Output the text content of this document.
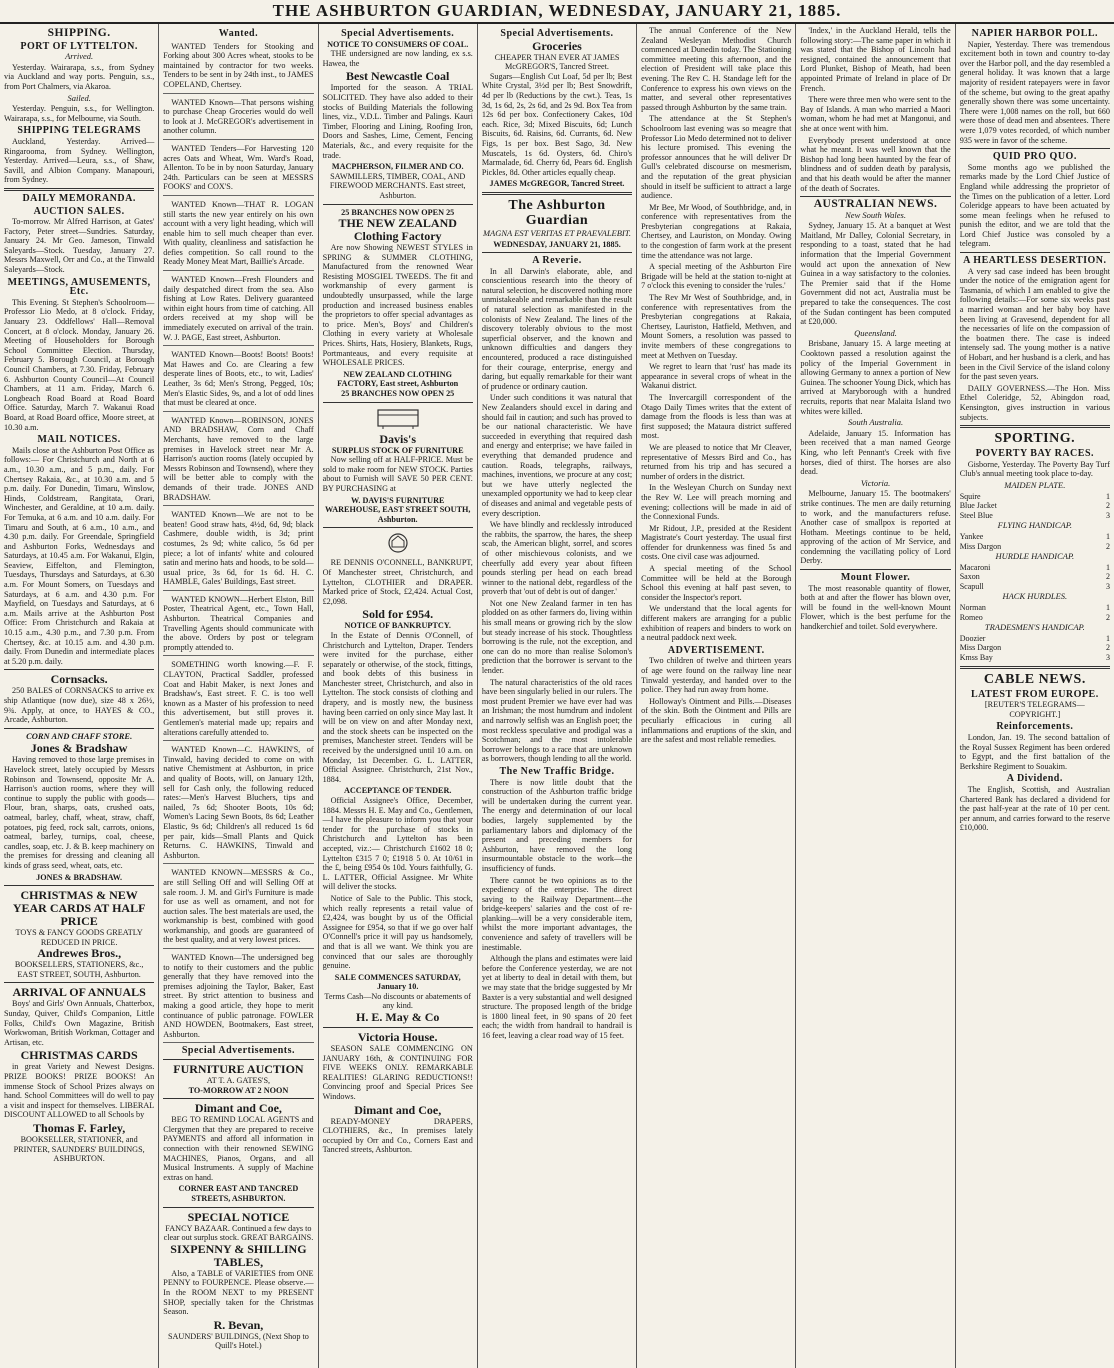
THE ASHBURTON GUARDIAN, WEDNESDAY, JANUARY 21, 1885.
SHIPPING.
PORT OF LYTTELTON.
Arrived.
Yesterday. Wairarapa, s.s., from Sydney via Auckland and way ports. Penguin, s.s., from Port Chalmers, via Akaroa.
Sailed.
Yesterday. Penguin, s.s., for Wellington. Wairarapa, s.s., for Melbourne, via South.
SHIPPING TELEGRAMS
Auckland, Yesterday. Arrived—Ringarooma, from Sydney. Wellington, Yesterday. Arrived—Leura, s.s., of Shaw, Savill, and Albion Company. Manapouri, from Sydney.
DAILY MEMORANDA.
AUCTION SALES.
To-morrow. Mr Alfred Harrison, at Gates' Factory, Peter street—Sundries. Saturday, January 24. Mr Geo. Jameson, Tinwald Saleyards—Stock. Tuesday, January 27. Messrs Maxwell, Orr and Co., at the Tinwald Saleyards—Stock.
MEETINGS, AMUSEMENTS, Etc.
This Evening. St Stephen's Schoolroom—Professor Lio Medo, at 8 o'clock. Friday, January 23. Oddfellows' Hall—Removal Concert, at 8 o'clock. Monday, January 26. Meeting of Householders for Borough School Committee Election. Thursday, February 5. Borough Council, at Borough Council Chambers, at 7.30. Friday, February 6. Ashburton County Council—At Council Chambers, at 11 a.m. Friday, March 6. Longbeach Road Board at Road Board Office. Saturday, March 7. Wakanui Road Board, at Road Board office, Moore street, at 10.30 a.m.
MAIL NOTICES.
Mails close at the Ashburton Post Office as follows:— For Christchurch and North at 6 a.m., 10.30 a.m., and 5 p.m., daily. For Chertsey Rakaia, &c., at 10.30 a.m. and 5 p.m. daily. For Dunedin, Timaru, Winslow, Hinds, Coldstream, Rangitata, Orari, Winchester, and Geraldine, at 10 a.m. daily. For Temuka, at 6 a.m. and 10 a.m. daily. For Timaru and South, at 6 a.m., 10 a.m., and 4.30 p.m. daily. For Greendale, Springfield and Ashburton Forks, Wednesdays and Saturdays, at 10.45 a.m. For Wakanui, Elgin, Seaview, Eiffelton, and Flemington, Tuesdays, Thursdays and Saturdays, at 6.30 a.m. For Mount Somers, on Tuesdays and Saturdays, at 6 a.m. and 4.30 p.m. For Mayfield, on Tuesdays and Saturdays, at 6 a.m. Mails arrive at the Ashburton Post Office: From Christchurch and Rakaia at 10.15 a.m., 4.30 p.m., and 7.30 p.m. From Chertsey, &c. at 10.15 a.m. and 4.30 p.m. daily. From Dunedin and intermediate places at 5.20 p.m. daily.
Cornsacks.
250 BALES of CORNSACKS to arrive ex ship Atlantique (now due), size 48 x 26½, 9¾. Apply, at once, to HAYES & CO., Arcade, Ashburton.
CORN AND CHAFF STORE.
Jones & Bradshaw
Having removed to those large premises in Havelock street, lately occupied by Messrs Robinson and Townsend, opposite Mr A. Harrison's auction rooms, where they will continue to supply the public with goods—Flour, bran, sharps, oats, crushed oats, oatmeal, barley, chaff, wheat, straw, chaff, potatoes, pig feed, rock salt, carrots, onions, oatmeal, barley, turnips, coal, cheese, candles, soap, etc. J. & B. keep machinery on the premises for dressing and cleaning all kinds of grass seed, wheat, oats, etc.
JONES & BRADSHAW.
CHRISTMAS & NEW YEAR CARDS AT HALF PRICE
TOYS & FANCY GOODS GREATLY REDUCED IN PRICE.
Andrewes Bros.,
BOOKSELLERS, STATIONERS, &c., EAST STREET, SOUTH, Ashburton.
ARRIVAL OF ANNUALS
Boys' and Girls' Own Annuals, Chatterbox, Sunday, Quiver, Child's Companion, Little Folks, Child's Own Magazine, British Workwoman, British Workman, Cottager and Artisan, etc.
CHRISTMAS CARDS
in great Variety and Newest Designs. PRIZE BOOKS! PRIZE BOOKS! An immense Stock of School Prizes always on hand. School Committees will do well to pay a visit and inspect for themselves. LIBERAL DISCOUNT ALLOWED to all Schools by
Thomas F. Farley,
BOOKSELLER, STATIONER, and PRINTER, SAUNDERS' BUILDINGS, ASHBURTON.
Wanted.
WANTED Tenders for Stooking and Forking about 300 Acres wheat, stooks to be maintained by contractor for two weeks. Tenders to be sent in by 24th inst., to JAMES COPELAND, Chertsey.
WANTED Known—That persons wishing to purchase Cheap Groceries would do well to look at J. McGREGOR's advertisement in another column.
WANTED Tenders—For Harvesting 120 acres Oats and Wheat, Wm. Ward's Road, Allenton. To be in by noon Saturday, January 24th. Particulars can be seen at MESSRS FOOKS' and COX'S.
WANTED Known—THAT R. LOGAN still starts the new year entirely on his own account with a very light heading, which will enable him to sell much cheaper than ever. With quality, cleanliness and satisfaction he defies competition. So call round to the Ready Money Meat Mart, Baillie's Arcade.
WANTED Known—Fresh Flounders and daily despatched direct from the sea. Also fishing at Low Rates. Delivery guaranteed within eight hours from time of catching. All orders received at my shop will be immediately executed on arrival of the train. W. J. PAGE, East street, Ashburton.
WANTED Known—Boots! Boots! Boots! Mat Hawes and Co. are Clearing a few desperate lines of Boots, etc., to wit, Ladies' Leather, 3s 6d; Men's Strong, Pegged, 10s; Men's Elastic Sides, 9s, and a lot of odd lines that must be cleared at once.
WANTED Known—ROBINSON, JONES AND BRADSHAW, Corn and Chaff Merchants, have removed to the large premises in Havelock street near Mr A. Harrison's auction rooms (lately occupied by Messrs Robinson and Townsend), where they will be better able to comply with the demands of their trade. JONES AND BRADSHAW.
WANTED Known—We are not to be beaten! Good straw hats, 4½d, 6d, 9d; black Cashmere, double width, is 3d; print costumes, 2s 9d; white calico, 5s 6d per piece; a lot of infants' white and coloured satin and merino hats and hoods, to be sold—usual price, 3s 6d, for 1s 6d. H. C. HAMBLE, Gales' Buildings, East street.
WANTED KNOWN—Herbert Elston, Bill Poster, Theatrical Agent, etc., Town Hall, Ashburton. Theatrical Companies and Travelling Agents should communicate with the above. Orders by post or telegram promptly attended to.
SOMETHING worth knowing.—F. F. CLAYTON, Practical Saddler, professed Coat and Habit Maker, is next Jones and Bradshaw's, East street. F. C. is too well known as a Master of his profession to need this advertisement, but still proves it. Gentlemen's material made up; repairs and alterations carefully attended to.
WANTED Known—C. HAWKIN'S, of Tinwald, having decided to come on with native Chemistment at Ashburton, in price and quality of Boots, will, on January 12th, sell for Cash only, the following reduced rates:—Men's Harvest Bluchers, tips and nailed, 7s 6d; Shooter Boots, 10s 6d; Women's Lacing Sewn Boots, 8s 6d; Leather Elastic, 9s 6d; Children's all reduced 1s 6d per pair, kids—Small Plants and Quick Returns. C. HAWKINS, Tinwald and Ashburton.
WANTED KNOWN—MESSRS & Co., are still Selling Off and will Selling Off at sale room. J. M. and Girl's Furniture is made for use as well as ornament, and not for auction sales. The best materials are used, the workmanship is best, combined with good workmanship, and goods are guaranteed of the best quality, and at very lowest prices.
WANTED Known—The undersigned beg to notify to their customers and the public generally that they have removed into the premises adjoining the Taylor, Baker, East street. By strict attention to business and making a good article, they hope to merit continuance of public patronage. FOWLER AND HOWDEN, Bootmakers, East street, Ashburton.
Special Advertisements.
FURNITURE AUCTION
AT T. A. GATES'S,
TO-MORROW AT 2 NOON
Dimant and Coe,
BEG TO REMIND LOCAL AGENTS and Clergymen that they are prepared to receive PAYMENTS and afford all information in connection with their renowned SEWING MACHINES, Pianos, Organs, and all Musical Instruments. A supply of Machine extras on hand.
CORNER EAST AND TANCRED STREETS, ASHBURTON.
SPECIAL NOTICE
FANCY BAZAAR. Continued a few days to clear out surplus stock. GREAT BARGAINS.
SIXPENNY & SHILLING TABLES,
Also, a TABLE of VARIETIES from ONE PENNY to FOURPENCE. Please observe.—In the ROOM NEXT to my PRESENT SHOP, specially taken for the Christmas Season.
R. Bevan,
SAUNDERS' BUILDINGS, (Next Shop to Quill's Hotel.)
Special Advertisements.
NOTICE TO CONSUMERS OF COAL.
THE undersigned are now landing, ex s.s. Hawea, the
Best Newcastle Coal
Imported for the season. A TRIAL SOLICITED. They have also added to their stocks of Building Materials the following lines, viz., V.D.L. Timber and Palings. Kauri Timber, Flooring and Lining, Roofing Iron, Doors and Sashes, Lime, Cement, Fencing Materials, &c., and every requisite for the trade.
MACPHERSON, FILMER AND CO.
SAWMILLERS, TIMBER, COAL, AND FIREWOOD MERCHANTS. East street, Ashburton.
25 BRANCHES NOW OPEN 25
THE NEW ZEALAND Clothing Factory
Are now Showing NEWEST STYLES in SPRING & SUMMER CLOTHING, Manufactured from the renowned Wear Resisting MOSGIEL TWEEDS. The fit and workmanship of every garment is undoubtedly unsurpassed, while the large production and increased business enables the proprietors to offer special advantages as to price. Men's, Boys' and Children's Clothing in every variety at Wholesale Prices. Shirts, Hats, Hosiery, Blankets, Rugs, Portmanteaus, and every requisite at WHOLESALE PRICES.
NEW ZEALAND CLOTHING FACTORY, East street, Ashburton
25 BRANCHES NOW OPEN 25
Davis's
SURPLUS STOCK OF FURNITURE
Now selling off at HALF-PRICE. Must be sold to make room for NEW STOCK. Parties about to Furnish will SAVE 50 PER CENT. BY PURCHASING at
W. DAVIS'S FURNITURE WAREHOUSE, EAST STREET SOUTH, Ashburton.
RE DENNIS O'CONNELL, BANKRUPT, Of Manchester street, Christchurch, and Lyttelton, CLOTHIER and DRAPER. Marked price of Stock, £2,424. Actual Cost, £2,098.
Sold for £954.
NOTICE OF BANKRUPTCY.
In the Estate of Dennis O'Connell, of Christchurch and Lyttelton, Draper. Tenders were invited for the purchase, either separately or otherwise, of the stock, fittings, and book debts of this business in Manchester street, Christchurch, and also in Lyttelton. The stock consists of clothing and drapery, and is mostly new, the business having been carried on only since May last. It will be on view on and after Monday next, and the stock sheets can be inspected on the premises, Manchester street. Tenders will be received by the undersigned until 10 a.m. on Monday, 1st December. G. L. LATTER, Official Assignee. Christchurch, 21st Nov., 1884.
ACCEPTANCE OF TENDER.
Official Assignee's Office, December, 1884. Messrs H. E. May and Co., Gentlemen,—I have the pleasure to inform you that your tender for the purchase of stocks in Christchurch and Lyttelton has been accepted, viz.:— Christchurch £1602 18 0; Lyttelton £315 7 0; £1918 5 0. At 10/61 in the £, being £954 0s 10d. Yours faithfully, G. L. LATTER, Official Assignee. Mr White will deliver the stocks.
Notice of Sale to the Public. This stock, which really represents a retail value of £2,424, was bought by us of the Official Assignee for £954, so that if we go over half O'Connell's price it will pay us handsomely, and that is all we want. We think you are convinced that our sales are thoroughly genuine.
SALE COMMENCES SATURDAY, January 10.
Terms Cash—No discounts or abatements of any kind.
H. E. May & Co
Victoria House.
SEASON SALE COMMENCING ON JANUARY 16th, & CONTINUING FOR FIVE WEEKS ONLY. REMARKABLE REALITIES! GLARING REDUCTIONS!! Convincing proof and Special Prices See Windows.
Dimant and Coe,
READY-MONEY DRAPERS, CLOTHIERS, &c., In premises lately occupied by Orr and Co., Corners East and Tancred streets, Ashburton.
Special Advertisements.
Groceries
CHEAPER THAN EVER AT JAMES McGREGOR'S, Tancred Street.
Sugars—English Cut Loaf, 5d per lb; Best White Crystal, 3½d per lb; Best Snowdrift, 4d per lb (Reductions by the cwt.). Teas, 1s 3d, 1s 6d, 2s, 2s 6d, and 2s 9d. Box Tea from 12s 6d per box. Confectionery Cakes, 10d each. Rice, 3d; Mixed Biscuits, 6d; Lunch Biscuits, 6d. Raisins, 6d. Currants, 6d. New Figs, 1s per box. Best Sago, 3d. New Muscatels, 1s 6d. Oysters, 6d. Chiro's Marmalade, 6d. Cherry 6d, Pears 6d. English Pickles, 8d. Other articles equally cheap.
JAMES McGREGOR, Tancred Street.
The Ashburton Guardian
MAGNA EST VERITAS ET PRAEVALEBIT.
WEDNESDAY, JANUARY 21, 1885.
A Reverie.
In all Darwin's elaborate, able, and conscientious research into the theory of natural selection, he discovered nothing more unmistakeable and remarkable than the result of natural selection as manifested in the colonists of New Zealand. The lines of the discovery tolerably obvious to the most superficial observer, and the known and unknown difficulties and dangers they encountered, produced a race distinguished for their courage, enterprise, energy and daring, but equally remarkable for their want of prudence or ordinary caution.
Under such conditions it was natural that New Zealanders should excel in daring and should fail in caution; and such has proved to be our national characteristic. We have succeeded in everything that required dash and energy and enterprise; we have failed in everything that demanded prudence and caution. Roads, telegraphs, railways, machines, inventions, we procure at any cost; but we have utterly neglected the unexampled opportunity we had to keep clear of diseases and animal and vegetable pests of every description.
We have blindly and recklessly introduced the rabbits, the sparrow, the hares, the sheep scab, the American blight, sorrel, and scores of other mischievous colonists, and we cheerfully add every year about fifteen pounds sterling per head on each bread winner to the national debt, regardless of the proverb that 'out of debt is out of danger.'
Not one New Zealand farmer in ten has plodded on as other farmers do, living within his small means or growing rich by the slow but steady increase of his stock. Thoughtless borrowing is the rule, not the exception, and one can do no more than realise Solomon's prediction that the borrower is servant to the lender.
The natural characteristics of the old races have been singularly belied in our rulers. The most prudent Premier we have ever had was an Irishman; the most humdrum and indolent and narrowly selfish was an English poet; the most reckless speculative and prodigal was a Scotchman; and the most intolerable borrower belongs to a race that are unknown as borrowers, though lending to all the world.
The New Traffic Bridge.
There is now little doubt that the construction of the Ashburton traffic bridge will be undertaken during the current year. The energy and determination of our local bodies, largely supplemented by the parliamentary labors and diplomacy of the present and preceding members for Ashburton, have removed the long insurmountable obstacle to the work—the insufficiency of funds.
There cannot be two opinions as to the expediency of the enterprise. The direct saving to the Railway Department—the bridge-keepers' salaries and the cost of re-planking—will be a very considerable item, whilst the more important advantages, the convenience and safety of travellers will be inestimable.
Although the plans and estimates were laid before the Conference yesterday, we are not yet at liberty to deal in detail with them, but we may state that the bridge suggested by Mr Baxter is a very substantial and well designed structure. The proposed length of the bridge is 1800 lineal feet, in 90 spans of 20 feet each; the width from handrail to handrail is 16 feet, leaving a clear road way of 15 feet.
The annual Conference of the New Zealand Wesleyan Methodist Church commenced at Dunedin today. The Stationing committee meeting this afternoon, and the election of President will take place this evening. The Rev C. H. Standage left for the Conference to express his own views on the matter, and several other representatives passed through Ashburton by the same train.
The attendance at the St Stephen's Schoolroom last evening was so meagre that Professor Lio Medo determined not to deliver his lecture promised. This evening the professor announces that he will deliver Dr Gull's celebrated discourse on mesmerism, and the reputation of the great physician should in itself be sufficient to attract a large audience.
Mr Bee, Mr Wood, of Southbridge, and, in conference with representatives from the Presbyterian congregations at Rakaia, Chertsey, and Lauriston, on Monday. Owing to the congestion of farm work at the present time the attendance was not large.
A special meeting of the Ashburton Fire Brigade will be held at the station to-night at 7 o'clock this evening to consider the 'rules.'
The Rev Mr West of Southbridge, and, in conference with representatives from the Presbyterian congregations at Rakaia, Chertsey, Lauriston, Hatfield, Methven, and Mount Somers, a resolution was passed to invite members of these congregations to meet at Methven on Tuesday.
We regret to learn that 'rust' has made its appearance in several crops of wheat in the Wakanui district.
The Invercargill correspondent of the Otago Daily Times writes that the extent of damage from the floods is less than was at first supposed; the Mataura district suffered most.
We are pleased to notice that Mr Cleaver, representative of Messrs Bird and Co., has returned from his trip and has secured a number of orders in the district.
In the Wesleyan Church on Sunday next the Rev W. Lee will preach morning and evening; collections will be made in aid of the Connexional Funds.
Mr Ridout, J.P., presided at the Resident Magistrate's Court yesterday. The usual first offender for drunkenness was fined 5s and costs. One civil case was adjourned.
A special meeting of the School Committee will be held at the Borough School this evening at half past seven, to consider the Inspector's report.
We understand that the local agents for different makers are arranging for a public exhibition of reapers and binders to work on a neutral paddock next week.
ADVERTISEMENT.
Two children of twelve and thirteen years of age were found on the railway line near Tinwald yesterday, and handed over to the police. They had run away from home.
Holloway's Ointment and Pills.—Diseases of the skin. Both the Ointment and Pills are peculiarly efficacious in curing all inflammations and eruptions of the skin, and are the safest and most reliable remedies.
'Index,' in the Auckland Herald, tells the following story:—The same paper in which it was stated that the Bishop of Lincoln had resigned, contained the announcement that Lord Plunket, Bishop of Meath, had been appointed Primate of Ireland in place of Dr French.
There were three men who were sent to the Bay of Islands. A man who married a Maori woman, whom he had met at Mangonui, and she at once went with him.
Everybody present understood at once what he meant. It was well known that the Bishop had long been haunted by the fear of blindness and of sudden death by paralysis, and that his death would be after the manner of the death of Socrates.
AUSTRALIAN NEWS.
New South Wales.
Sydney, January 15. At a banquet at West Maitland, Mr Dalley, Colonial Secretary, in responding to a toast, stated that he had information that the Imperial Government would act upon the annexation of New Guinea in a way satisfactory to the colonies. The Premier said that if the Home Government did not act, Australia must be prepared to take the consequences. The cost of the Sudan contingent has been computed at £20,000.
Queensland.
Brisbane, January 15. A large meeting at Cooktown passed a resolution against the policy of the Imperial Government in allowing Germany to annex a portion of New Guinea. The schooner Young Dick, which has arrived at Maryborough with a hundred recruits, reports that near Malaita Island two whites were killed.
South Australia.
Adelaide, January 15. Information has been received that a man named George King, who left Pennant's Creek with five horses, died of thirst. The horses are also dead.
Victoria.
Melbourne, January 15. The bootmakers' strike continues. The men are daily returning to work, and the manufacturers refuse. Another case of smallpox is reported at Hotham. Meetings continue to be held, approving of the action of Mr Service, and condemning the vacillating policy of Lord Derby.
Mount Flower.
The most reasonable quantity of flower, both at and after the flower has blown over, will be found in the well-known Mount Flower, which is the best perfume for the handkerchief and toilet. Sold everywhere.
NAPIER HARBOR POLL.
Napier, Yesterday. There was tremendous excitement both in town and country to-day over the Harbor poll, and the day resembled a general holiday. It was known that a large majority of resident ratepayers were in favor of the scheme, but owing to the great apathy generally shown there was some uncertainty. There were 1,008 names on the roll, but 660 were those of dead men and absentees. There were 1,079 votes recorded, of which number 935 were in favor of the scheme.
QUID PRO QUO.
Some months ago we published the remarks made by the Lord Chief Justice of England while addressing the proprietor of the Times on the publication of a letter. Lord Coleridge appears to have been actuated by some mean feelings when he refused to punish the editor, and we are told that the Lord Chief Justice was consoled by a telegram.
A HEARTLESS DESERTION.
A very sad case indeed has been brought under the notice of the emigration agent for Tasmania, of which I am enabled to give the following details:—For some six weeks past a married woman and her baby boy have been living at Gravesend, dependent for all the necessaries of life on the compassion of the boatmen there. The case is indeed intensely sad. The young mother is a native of Hobart, and her husband is a clerk, and has been in the Civil Service of the island colony for the past seven years.
DAILY GOVERNESS.—The Hon. Miss Ethel Coleridge, 52, Abingdon road, Kensington, gives instruction in various subjects.
SPORTING.
POVERTY BAY RACES.
Gisborne, Yesterday. The Poverty Bay Turf Club's annual meeting took place to-day.
MAIDEN PLATE.
Squire	1
Blue Jacket	2
Steel Blue	3
FLYING HANDICAP.
Yankee	1
Miss Dargon	2
HURDLE HANDICAP.
Macaroni	1
Saxon	2
Scapull	3
HACK HURDLES.
Norman	1
Romeo	2
TRADESMEN'S HANDICAP.
Doozier	1
Miss Dargon	2
Kmss Bay	3
CABLE NEWS.
LATEST FROM EUROPE.
[REUTER'S TELEGRAMS—COPYRIGHT.]
Reinforcements.
London, Jan. 19. The second battalion of the Royal Sussex Regiment has been ordered to Egypt, and the first battalion of the Berkshire Regiment to Souakim.
A Dividend.
The English, Scottish, and Australian Chartered Bank has declared a dividend for the past half-year at the rate of 10 per cent. per annum, and carries forward to the reserve £10,000.
